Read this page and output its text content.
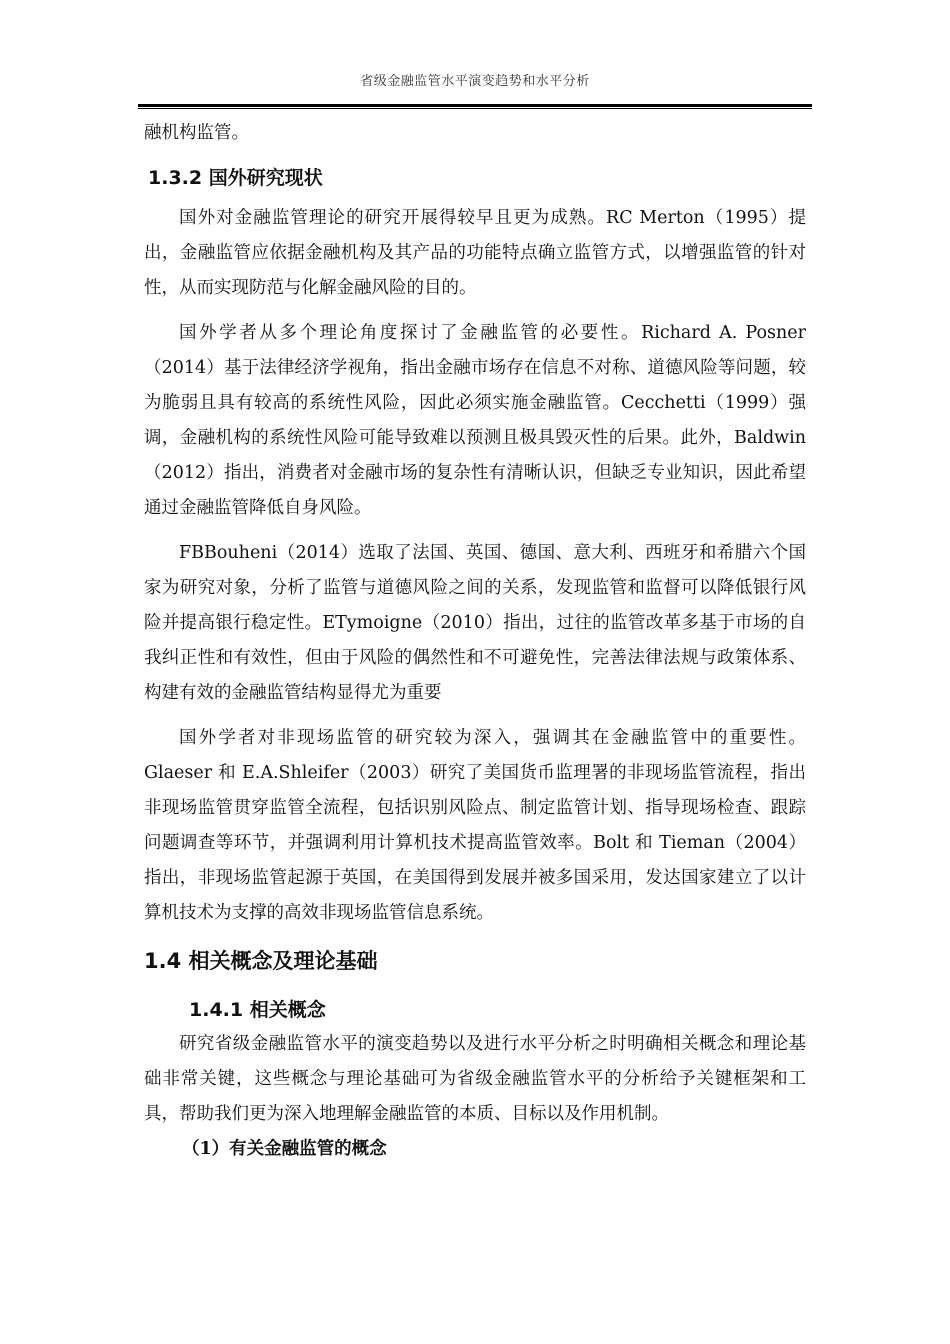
省级金融监管水平演变趋势和水平分析

融机构监管。

1.3.2 国外研究现状

国外对金融监管理论的研究开展得较早且更为成熟。RC Merton（1995）提出，金融监管应依据金融机构及其产品的功能特点确立监管方式，以增强监管的针对性，从而实现防范与化解金融风险的目的。

国外学者从多个理论角度探讨了金融监管的必要性。Richard A. Posner（2014）基于法律经济学视角，指出金融市场存在信息不对称、道德风险等问题，较为脆弱且具有较高的系统性风险，因此必须实施金融监管。Cecchetti（1999）强调，金融机构的系统性风险可能导致难以预测且极具毁灭性的后果。此外，Baldwin（2012）指出，消费者对金融市场的复杂性有清晰认识，但缺乏专业知识，因此希望通过金融监管降低自身风险。

FBBouheni（2014）选取了法国、英国、德国、意大利、西班牙和希腊六个国家为研究对象，分析了监管与道德风险之间的关系，发现监管和监督可以降低银行风险并提高银行稳定性。ETymoigne（2010）指出，过往的监管改革多基于市场的自我纠正性和有效性，但由于风险的偶然性和不可避免性，完善法律法规与政策体系、构建有效的金融监管结构显得尤为重要

国外学者对非现场监管的研究较为深入，强调其在金融监管中的重要性。Glaeser 和 E.A.Shleifer（2003）研究了美国货币监理署的非现场监管流程，指出非现场监管贯穿监管全流程，包括识别风险点、制定监管计划、指导现场检查、跟踪问题调查等环节，并强调利用计算机技术提高监管效率。Bolt 和 Tieman（2004）指出，非现场监管起源于英国，在美国得到发展并被多国采用，发达国家建立了以计算机技术为支撑的高效非现场监管信息系统。

1.4 相关概念及理论基础
1.4.1 相关概念

研究省级金融监管水平的演变趋势以及进行水平分析之时明确相关概念和理论基础非常关键，这些概念与理论基础可为省级金融监管水平的分析给予关键框架和工具，帮助我们更为深入地理解金融监管的本质、目标以及作用机制。

（1）有关金融监管的概念
